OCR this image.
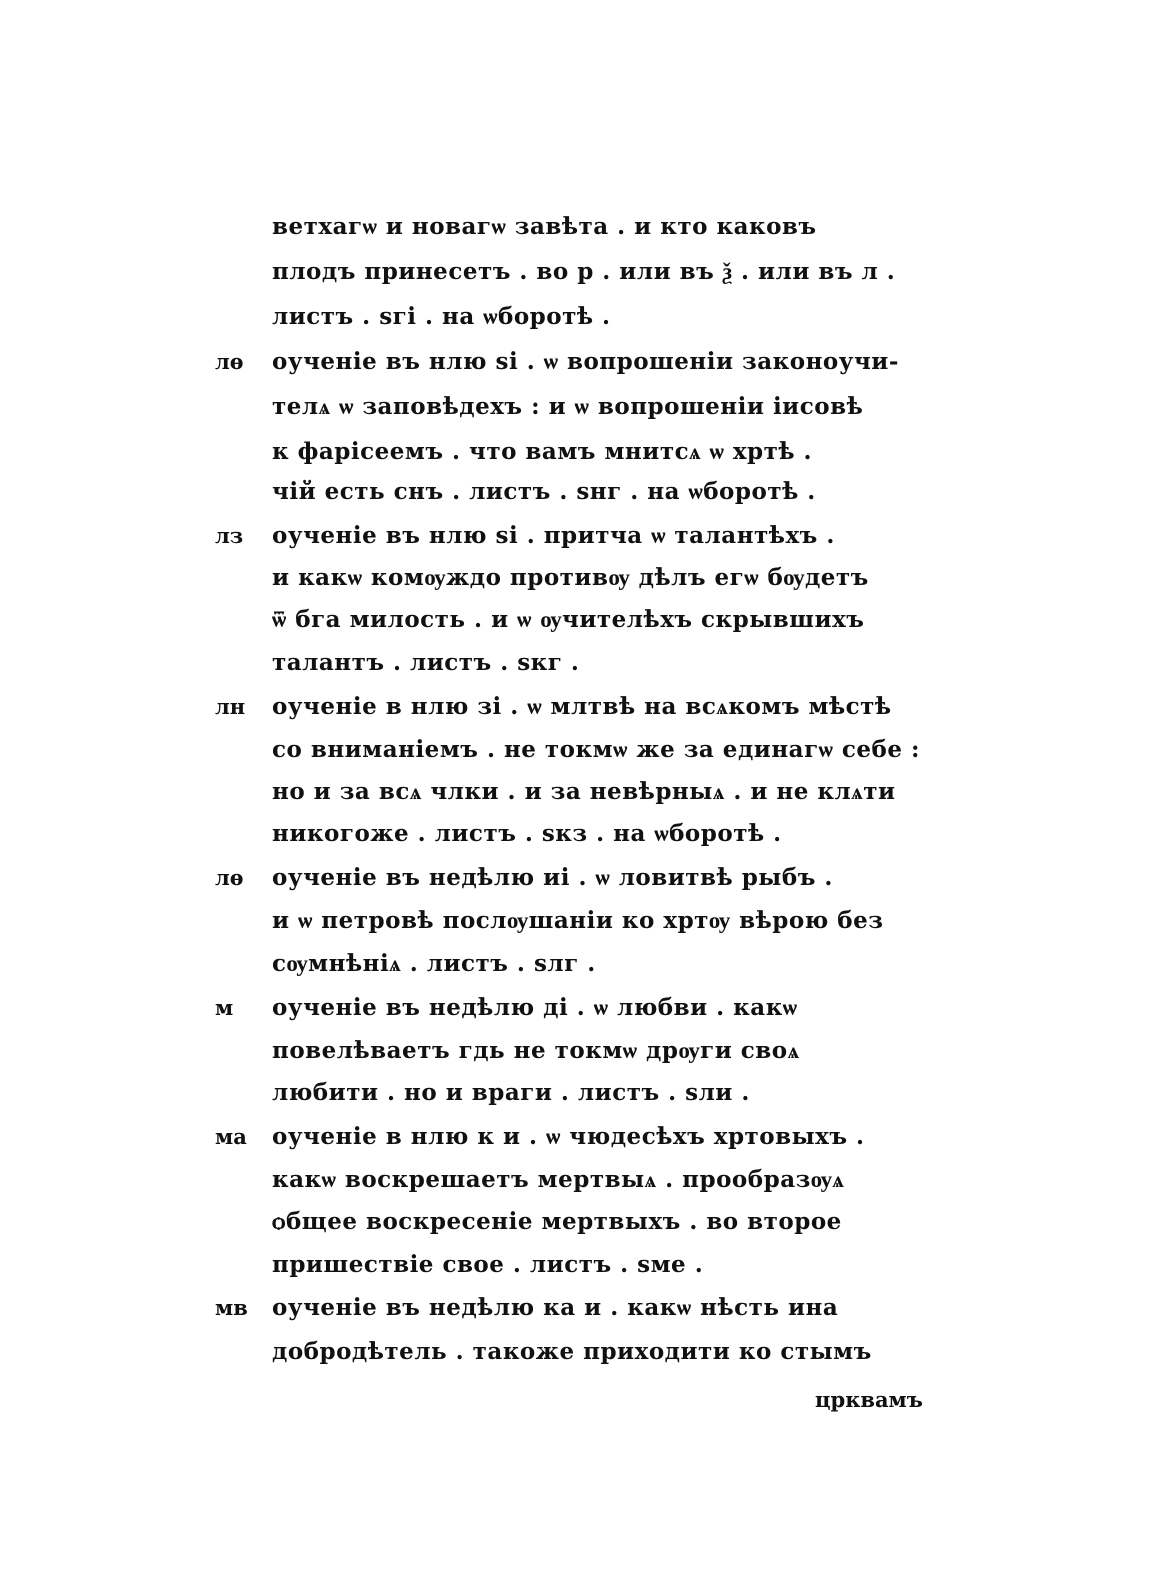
ветхагѡ и новагѡ завѣта . и кто каковъ
плодъ принесетъ . во р . или въ ѯ . или въ л .
листъ . ѕгі . на ѡборотѣ .
лѳ	оученіе въ нлю ѕі . ѡ вопрошеніи законоучи-
телѧ ѡ заповѣдехъ : и ѡ вопрошеніи іисовѣ
к фарісеемъ . что вамъ мнитсѧ ѡ хртѣ .
чій есть снъ . листъ . ѕнг . на ѡборотѣ .
лз	оученіе въ нлю ѕі . притча ѡ талантѣхъ .
и какѡ комѹждо противѹ дѣлъ егѡ бѹдетъ
ѿ бга милость . и ѡ ѹчителѣхъ скрывшихъ
талантъ . листъ . ѕкг .
лн	оученіе в нлю зі . ѡ млтвѣ на всѧкомъ мѣстѣ
со вниманіемъ . не токмѡ же за единагѡ себе :
но и за всѧ члки . и за невѣрныѧ . и не клѧти
никогоже . листъ . ѕкз . на ѡборотѣ .
лѳ	оученіе въ недѣлю иі . ѡ ловитвѣ рыбъ .
и ѡ петровѣ послѹшаніи ко хртѹ вѣрою без
сѹмнѣніѧ . листъ . ѕлг .
м	оученіе въ недѣлю ді . ѡ любви . какѡ
повелѣваетъ гдь не токмѡ дрѹги своѧ
любити . но и враги . листъ . ѕли .
ма	оученіе в нлю к и . ѡ чюдесѣхъ хртовыхъ .
какѡ воскрешаетъ мертвыѧ . прообразѹѧ
ѻбщее воскресеніе мертвыхъ . во второе
пришествіе свое . листъ . ѕме .
мв	оученіе въ недѣлю ка и . какѡ нѣсть ина
добродѣтель . такоже приходити ко стымъ
црквамъ
